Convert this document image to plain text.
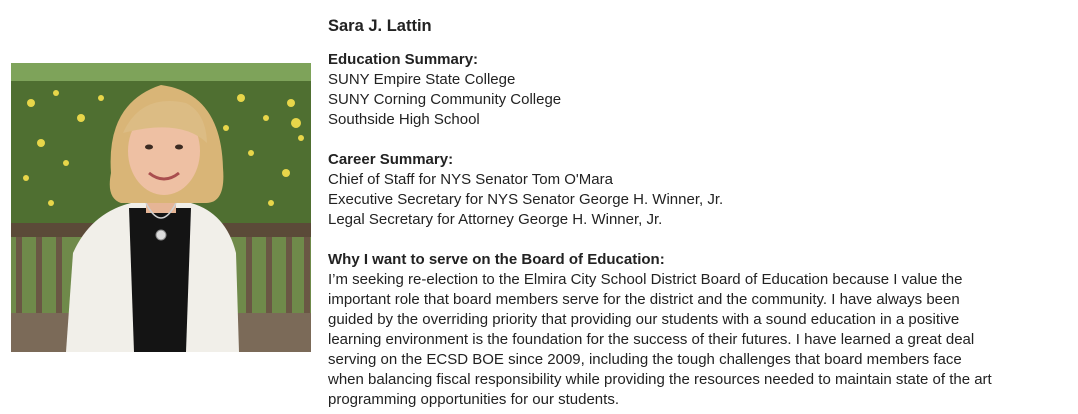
Sara J. Lattin
Education Summary:
SUNY Empire State College
SUNY Corning Community College
Southside High School
Career Summary:
Chief of Staff for NYS Senator Tom O'Mara
Executive Secretary for NYS Senator George H. Winner, Jr.
Legal Secretary for Attorney George H. Winner, Jr.
Why I want to serve on the Board of Education:
I’m seeking re-election to the Elmira City School District Board of Education because I value the
important role that board members serve for the district and the community. I have always been
guided by the overriding priority that providing our students with a sound education in a positive
learning environment is the foundation for the success of their futures. I have learned a great deal
serving on the ECSD BOE since 2009, including the tough challenges that board members face
when balancing fiscal responsibility while providing the resources needed to maintain state of the art
programming opportunities for our students.
